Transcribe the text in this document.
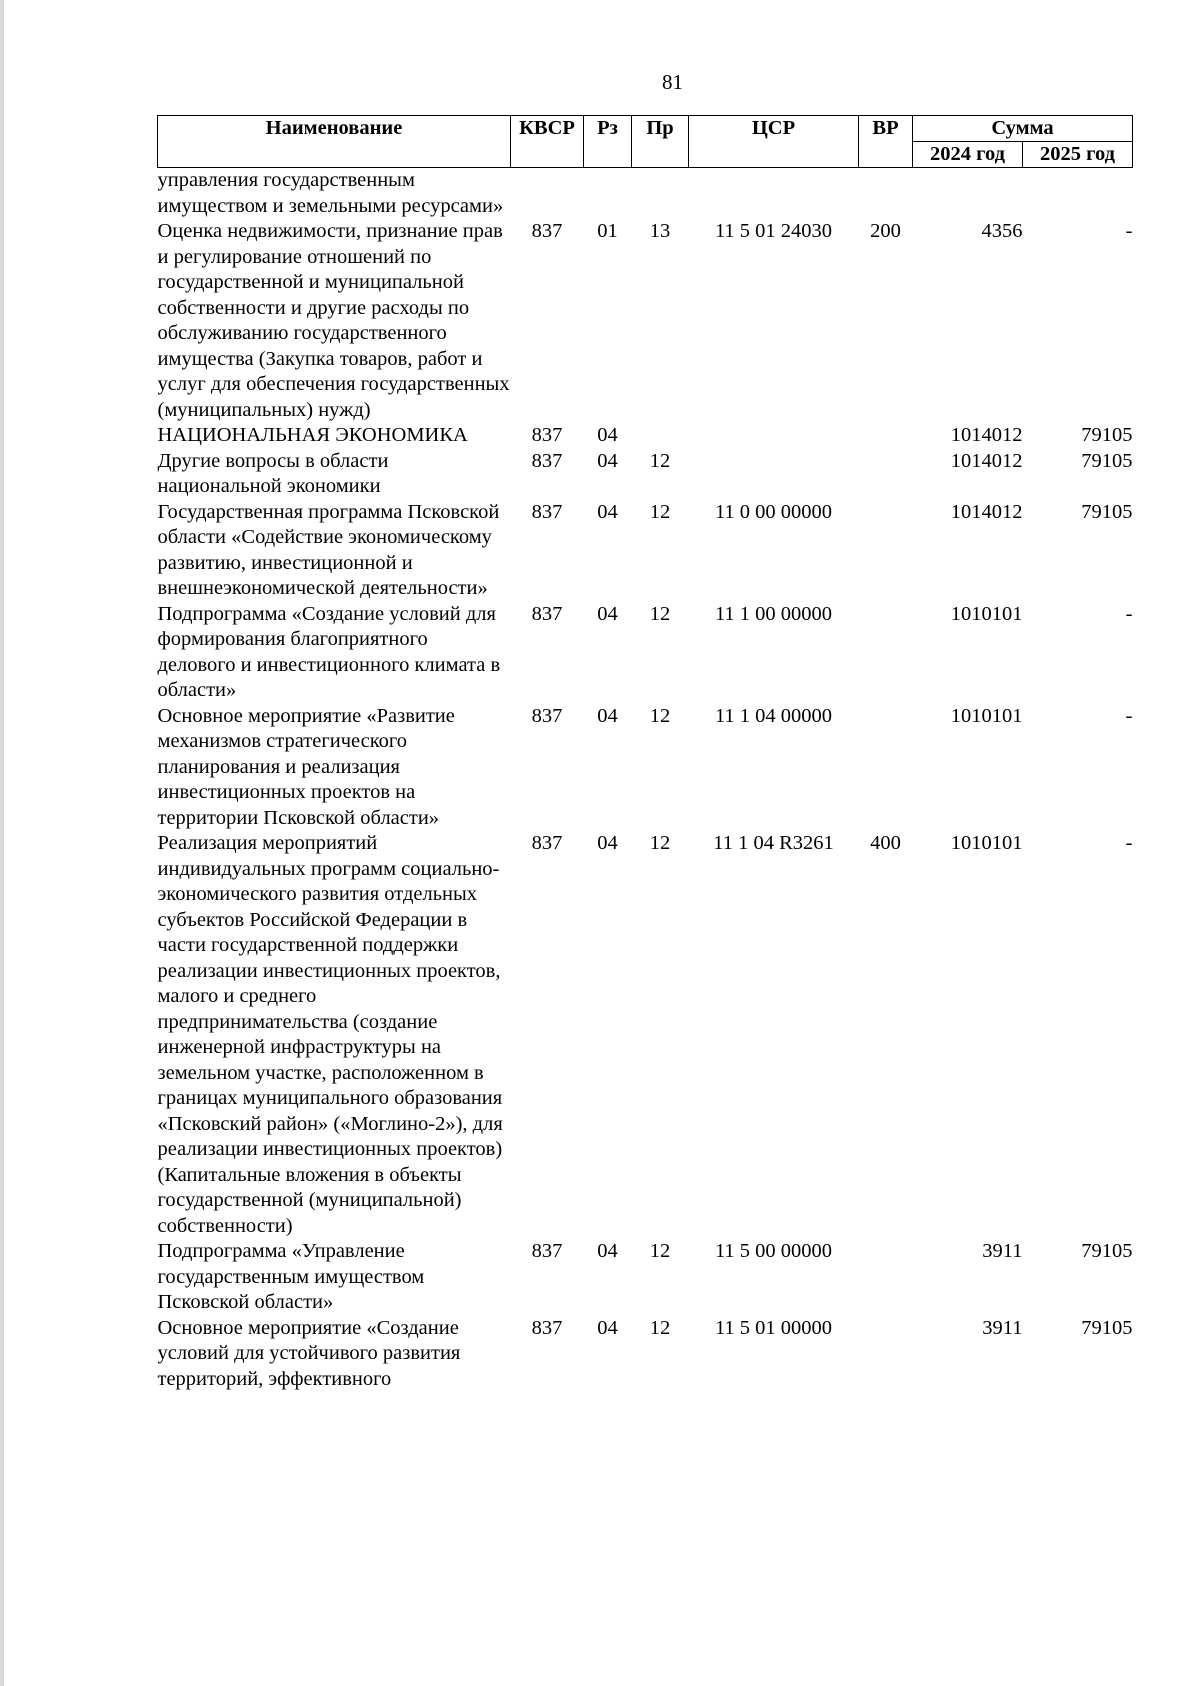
81
Наименование	КВСР	Рз	Пр	ЦСР	ВР	Сумма	
						2024 год	2025 год
управления государственным имуществом и земельными ресурсами»							
Оценка недвижимости, признание прав и регулирование отношений по государственной и муниципальной собственности и другие расходы по обслуживанию государственного имущества (Закупка товаров, работ и услуг для обеспечения государственных (муниципальных) нужд)	837	01	13	11 5 01 24030	200	4356	-
НАЦИОНАЛЬНАЯ ЭКОНОМИКА	837	04				1014012	79105
Другие вопросы в области национальной экономики	837	04	12			1014012	79105
Государственная программа Псковской области «Содействие экономическому развитию, инвестиционной и внешнеэкономической деятельности»	837	04	12	11 0 00 00000		1014012	79105
Подпрограмма «Создание условий для формирования благоприятного делового и инвестиционного климата в области»	837	04	12	11 1 00 00000		1010101	-
Основное мероприятие «Развитие механизмов стратегического планирования и реализация инвестиционных проектов на территории Псковской области»	837	04	12	11 1 04 00000		1010101	-
Реализация мероприятий индивидуальных программ социально-экономического развития отдельных субъектов Российской Федерации в части государственной поддержки реализации инвестиционных проектов, малого и среднего предпринимательства (создание инженерной инфраструктуры на земельном участке, расположенном в границах муниципального образования «Псковский район» («Моглино-2»), для реализации инвестиционных проектов) (Капитальные вложения в объекты государственной (муниципальной) собственности)	837	04	12	11 1 04 R3261	400	1010101	-
Подпрограмма «Управление государственным имуществом Псковской области»	837	04	12	11 5 00 00000		3911	79105
Основное мероприятие «Создание условий для устойчивого развития территорий, эффективного	837	04	12	11 5 01 00000		3911	79105
